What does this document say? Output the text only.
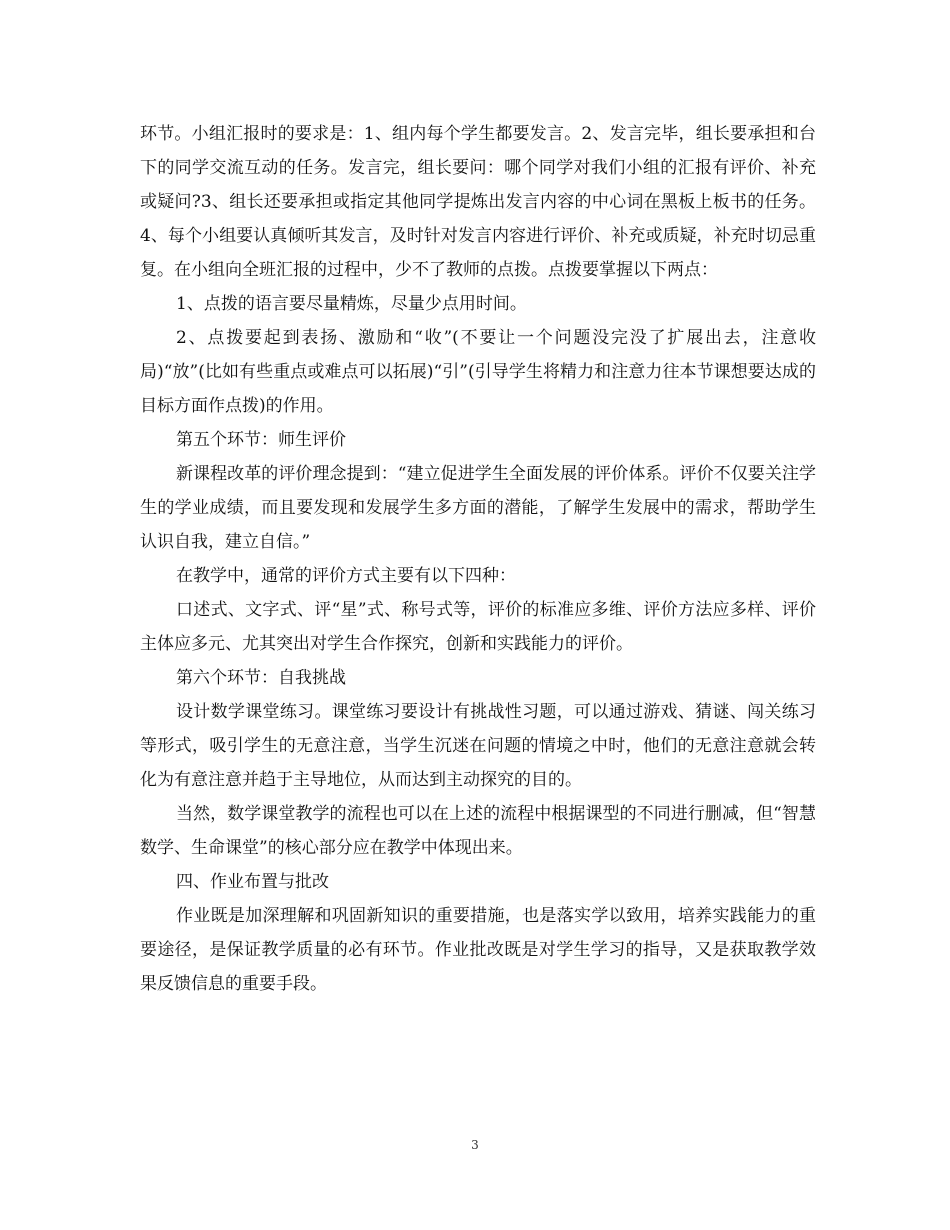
环节。小组汇报时的要求是：1、组内每个学生都要发言。2、发言完毕，组长要承担和台下的同学交流互动的任务。发言完，组长要问：哪个同学对我们小组的汇报有评价、补充或疑问?3、组长还要承担或指定其他同学提炼出发言内容的中心词在黑板上板书的任务。4、每个小组要认真倾听其发言，及时针对发言内容进行评价、补充或质疑，补充时切忌重复。在小组向全班汇报的过程中，少不了教师的点拨。点拨要掌握以下两点：

1、点拨的语言要尽量精炼，尽量少点用时间。

2、点拨要起到表扬、激励和“收”(不要让一个问题没完没了扩展出去，注意收局)“放”(比如有些重点或难点可以拓展)“引”(引导学生将精力和注意力往本节课想要达成的目标方面作点拨)的作用。

第五个环节：师生评价

新课程改革的评价理念提到：“建立促进学生全面发展的评价体系。评价不仅要关注学生的学业成绩，而且要发现和发展学生多方面的潜能，了解学生发展中的需求，帮助学生认识自我，建立自信。”

在教学中，通常的评价方式主要有以下四种：

口述式、文字式、评“星”式、称号式等，评价的标准应多维、评价方法应多样、评价主体应多元、尤其突出对学生合作探究，创新和实践能力的评价。

第六个环节：自我挑战

设计数学课堂练习。课堂练习要设计有挑战性习题，可以通过游戏、猜谜、闯关练习等形式，吸引学生的无意注意，当学生沉迷在问题的情境之中时，他们的无意注意就会转化为有意注意并趋于主导地位，从而达到主动探究的目的。

当然，数学课堂教学的流程也可以在上述的流程中根据课型的不同进行删减，但“智慧数学、生命课堂”的核心部分应在教学中体现出来。

四、作业布置与批改

作业既是加深理解和巩固新知识的重要措施，也是落实学以致用，培养实践能力的重要途径，是保证教学质量的必有环节。作业批改既是对学生学习的指导，又是获取教学效果反馈信息的重要手段。

3
